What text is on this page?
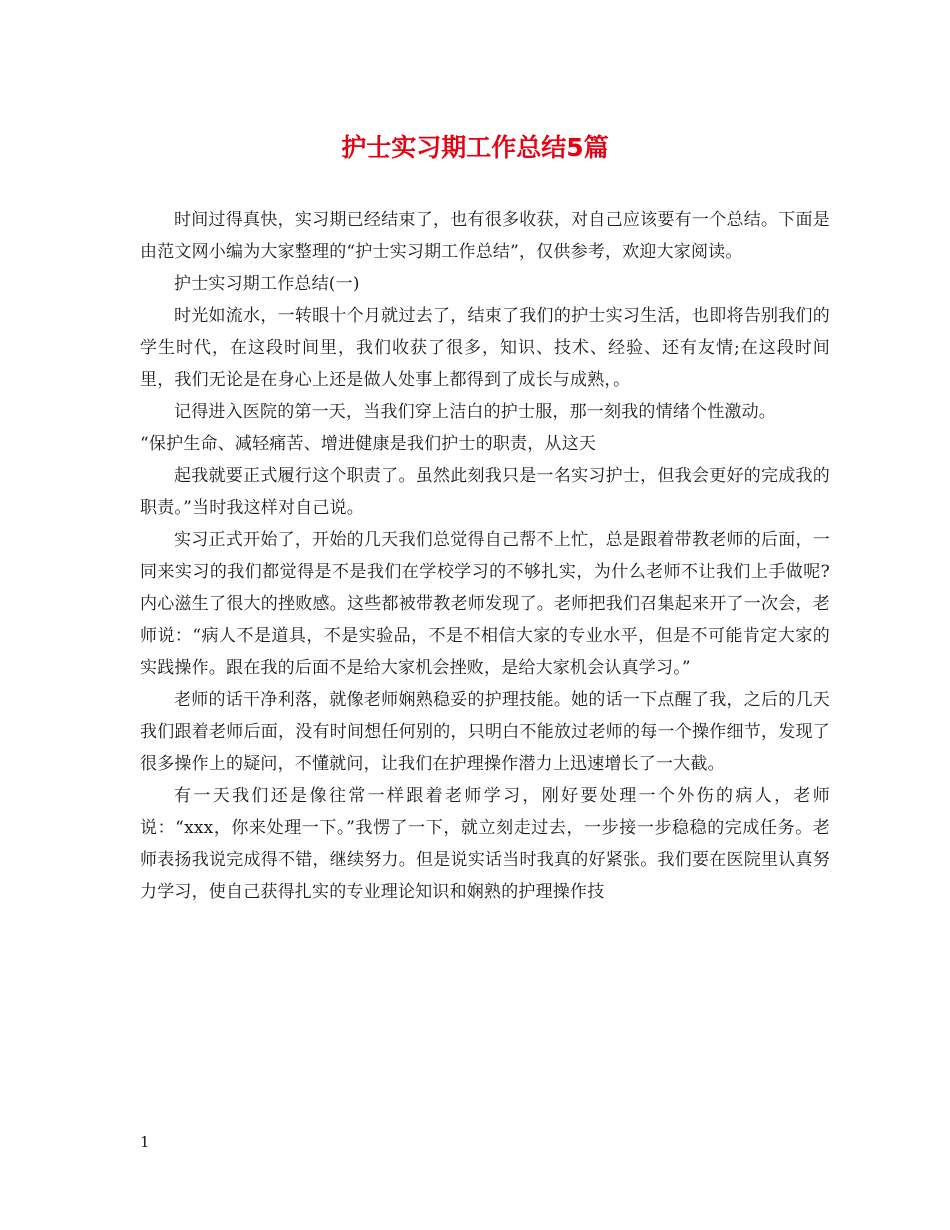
护士实习期工作总结5篇

时间过得真快，实习期已经结束了，也有很多收获，对自己应该要有一个总结。下面是由范文网小编为大家整理的“护士实习期工作总结”，仅供参考，欢迎大家阅读。

护士实习期工作总结(一)

时光如流水，一转眼十个月就过去了，结束了我们的护士实习生活，也即将告别我们的学生时代，在这段时间里，我们收获了很多，知识、技术、经验、还有友情;在这段时间里，我们无论是在身心上还是做人处事上都得到了成长与成熟，。

记得进入医院的第一天，当我们穿上洁白的护士服，那一刻我的情绪个性激动。

“保护生命、减轻痛苦、增进健康是我们护士的职责，从这天

起我就要正式履行这个职责了。虽然此刻我只是一名实习护士，但我会更好的完成我的职责。”当时我这样对自己说。

实习正式开始了，开始的几天我们总觉得自己帮不上忙，总是跟着带教老师的后面，一同来实习的我们都觉得是不是我们在学校学习的不够扎实，为什么老师不让我们上手做呢?内心滋生了很大的挫败感。这些都被带教老师发现了。老师把我们召集起来开了一次会，老师说：“病人不是道具，不是实验品，不是不相信大家的专业水平，但是不可能肯定大家的实践操作。跟在我的后面不是给大家机会挫败，是给大家机会认真学习。”

老师的话干净利落，就像老师娴熟稳妥的护理技能。她的话一下点醒了我，之后的几天我们跟着老师后面，没有时间想任何别的，只明白不能放过老师的每一个操作细节，发现了很多操作上的疑问，不懂就问，让我们在护理操作潜力上迅速增长了一大截。

有一天我们还是像往常一样跟着老师学习，刚好要处理一个外伤的病人，老师说：“xxx，你来处理一下。”我愣了一下，就立刻走过去，一步接一步稳稳的完成任务。老师表扬我说完成得不错，继续努力。但是说实话当时我真的好紧张。我们要在医院里认真努力学习，使自己获得扎实的专业理论知识和娴熟的护理操作技

1
